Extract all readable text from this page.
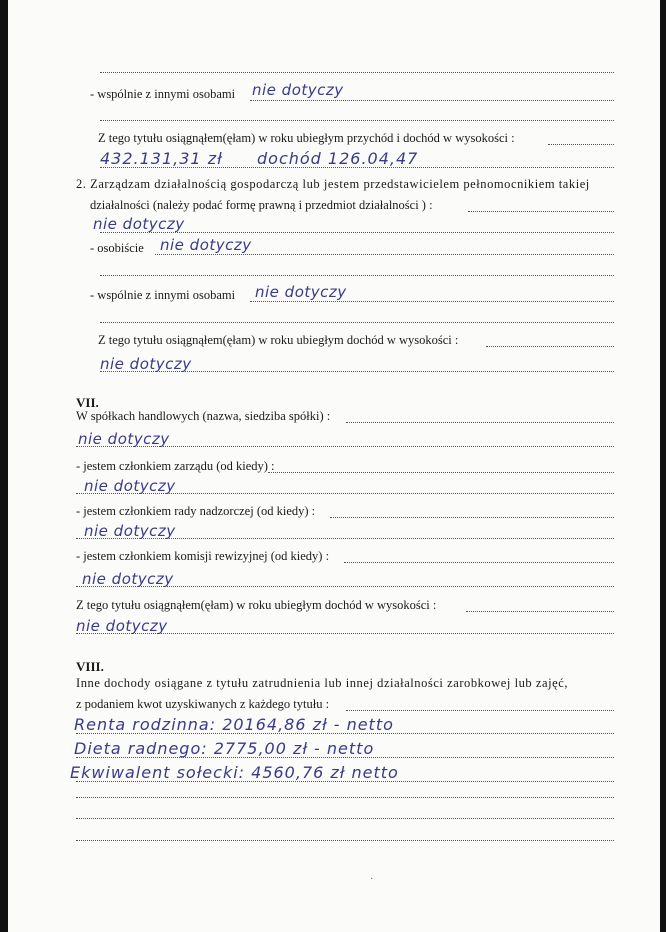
- wspólnie z innymi osobami nie dotyczy
Z tego tytułu osiągnąłem(ęłam) w roku ubiegłym przychód i dochód w wysokości :
432.131,31 zł dochód 126.04,47
2. Zarządzam działalnością gospodarczą lub jestem przedstawicielem pełnomocnikiem takiej
działalności (należy podać formę prawną i przedmiot działalności ) :
nie dotyczy
- osobiście nie dotyczy
- wspólnie z innymi osobami nie dotyczy
Z tego tytułu osiągnąłem(ęłam) w roku ubiegłym dochód w wysokości :
nie dotyczy
VII.
W spółkach handlowych (nazwa, siedziba spółki) :
nie dotyczy
- jestem członkiem zarządu (od kiedy) :
nie dotyczy
- jestem członkiem rady nadzorczej (od kiedy) :
nie dotyczy
- jestem członkiem komisji rewizyjnej (od kiedy) :
nie dotyczy
Z tego tytułu osiągnąłem(ęłam) w roku ubiegłym dochód w wysokości :
nie dotyczy
VIII.
Inne dochody osiągane z tytułu zatrudnienia lub innej działalności zarobkowej lub zajęć,
z podaniem kwot uzyskiwanych z każdego tytułu :
Renta rodzinna: 20164,86 zł - netto
Dieta radnego: 2775,00 zł - netto
Ekwiwalent sołecki: 4560,76 zł netto
·
